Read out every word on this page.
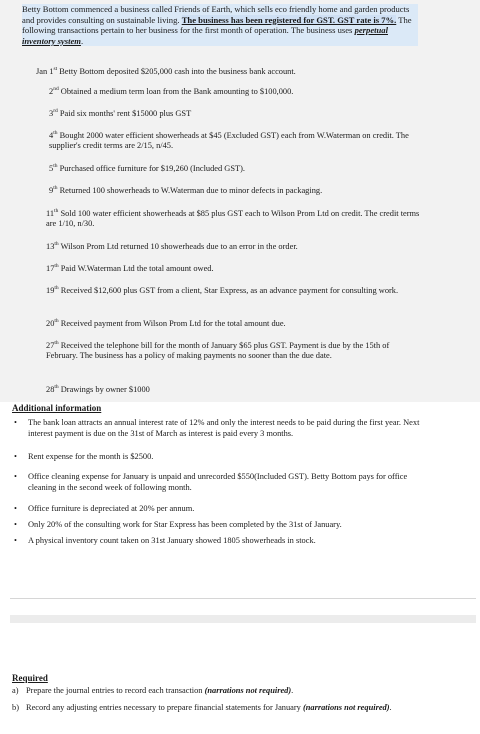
Betty Bottom commenced a business called Friends of Earth, which sells eco friendly home and garden products and provides consulting on sustainable living. The business has been registered for GST. GST rate is 7%. The following transactions pertain to her business for the first month of operation. The business uses perpetual inventory system.
Jan 1st Betty Bottom deposited $205,000 cash into the business bank account.
2nd Obtained a medium term loan from the Bank amounting to $100,000.
3rd Paid six months' rent $15000 plus GST
4th Bought 2000 water efficient showerheads at $45 (Excluded GST) each from W.Waterman on credit. The supplier's credit terms are 2/15, n/45.
5th Purchased office furniture for $19,260 (Included GST).
9th Returned 100 showerheads to W.Waterman due to minor defects in packaging.
11th Sold 100 water efficient showerheads at $85 plus GST each to Wilson Prom Ltd on credit. The credit terms are 1/10, n/30.
13th Wilson Prom Ltd returned 10 showerheads due to an error in the order.
17th Paid W.Waterman Ltd the total amount owed.
19th Received $12,600 plus GST from a client, Star Express, as an advance payment for consulting work.
20th Received payment from Wilson Prom Ltd for the total amount due.
27th Received the telephone bill for the month of January $65 plus GST. Payment is due by the 15th of February. The business has a policy of making payments no sooner than the due date.
28th Drawings by owner $1000
Additional information
• The bank loan attracts an annual interest rate of 12% and only the interest needs to be paid during the first year. Next interest payment is due on the 31st of March as interest is paid every 3 months.
• Rent expense for the month is $2500.
• Office cleaning expense for January is unpaid and unrecorded $550(Included GST). Betty Bottom pays for office cleaning in the second week of following month.
• Office furniture is depreciated at 20% per annum.
• Only 20% of the consulting work for Star Express has been completed by the 31st of January.
• A physical inventory count taken on 31st January showed 1805 showerheads in stock.
Required
a) Prepare the journal entries to record each transaction (narrations not required).
b) Record any adjusting entries necessary to prepare financial statements for January (narrations not required).
